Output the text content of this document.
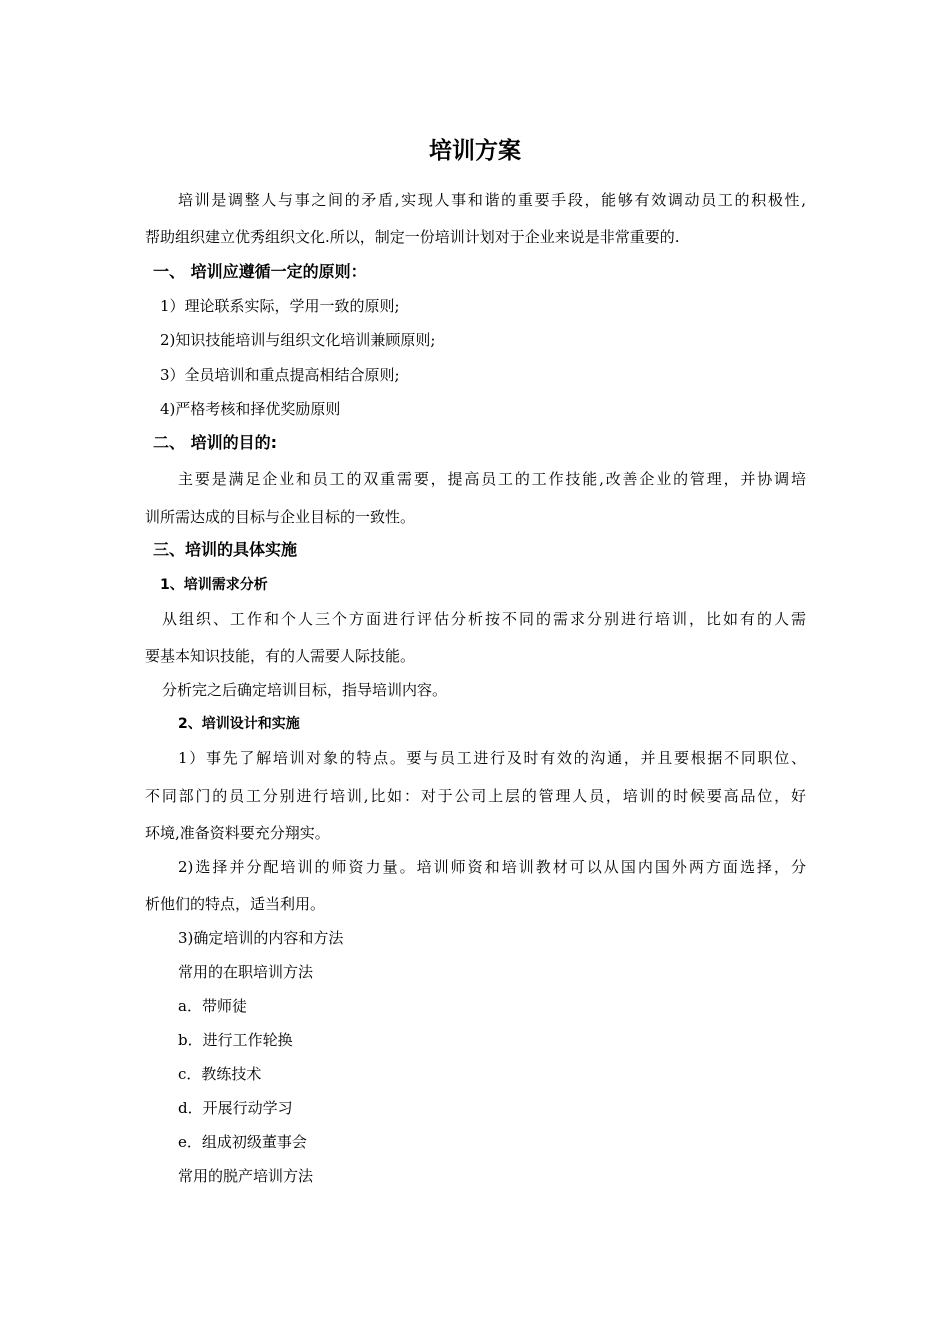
培训方案
培训是调整人与事之间的矛盾,实现人事和谐的重要手段，能够有效调动员工的积极性,
帮助组织建立优秀组织文化.所以，制定一份培训计划对于企业来说是非常重要的.
一、 培训应遵循一定的原则：
1）理论联系实际，学用一致的原则;
2)知识技能培训与组织文化培训兼顾原则;
3）全员培训和重点提高相结合原则;
4)严格考核和择优奖励原则
二、 培训的目的:
主要是满足企业和员工的双重需要，提高员工的工作技能,改善企业的管理，并协调培
训所需达成的目标与企业目标的一致性。
三、培训的具体实施
1、培训需求分析
从组织、工作和个人三个方面进行评估分析按不同的需求分别进行培训，比如有的人需
要基本知识技能，有的人需要人际技能。
分析完之后确定培训目标，指导培训内容。
2、培训设计和实施
1）事先了解培训对象的特点。要与员工进行及时有效的沟通，并且要根据不同职位、
不同部门的员工分别进行培训,比如：对于公司上层的管理人员，培训的时候要高品位，好
环境,准备资料要充分翔实。
2)选择并分配培训的师资力量。培训师资和培训教材可以从国内国外两方面选择，分
析他们的特点，适当利用。
3)确定培训的内容和方法
常用的在职培训方法
a．带师徒
b．进行工作轮换
c．教练技术
d．开展行动学习
e．组成初级董事会
常用的脱产培训方法
